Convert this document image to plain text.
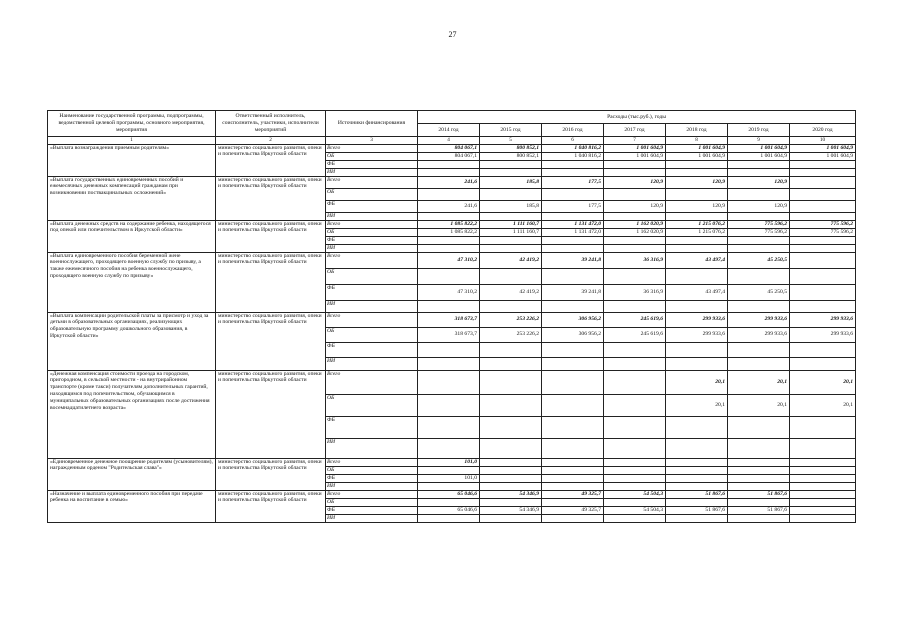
27
Наименование государственной программы, подпрограммы, ведомственной целевой программы, основного мероприятия, мероприятия	Ответственный исполнитель, соисполнитель, участники, исполнители мероприятий	Источники финансирования	Расходы (тыс.руб.), годы						
			2014 год	2015 год	2016 год	2017 год	2018 год	2019 год	2020 год
1	2	3	4	5	6	7	8	9	10
«Выплата вознаграждения приемным родителям»	министерство социального развития, опеки и попечительства Иркутской области	Всего	804 067,1	800 852,1	1 040 816,2	1 001 604,9	1 001 604,9	1 001 604,9	1 001 604,9
		ОБ	804 067,1	800 852,1	1 040 816,2	1 001 604,9	1 001 604,9	1 001 604,9	1 001 604,9
		ФБ							
		ИИ							
«Выплата государственных единовременных пособий и ежемесячных денежных компенсаций гражданам при возникновении поствакцинальных осложнений»	министерство социального развития, опеки и попечительства Иркутской области	Всего	241,6	185,8	177,5	120,9	120,9	120,9	
		ОБ							
		ФБ	241,6	185,8	177,5	120,9	120,9	120,9	
		ИИ							
«Выплата денежных средств на содержание ребенка, находящегося под опекой или попечительством в Иркутской области»	министерство социального развития, опеки и попечительства Иркутской области	Всего	1 085 822,2	1 111 160,7	1 131 472,0	1 162 020,9	1 215 076,2	775 596,2	775 596,2
		ОБ	1 085 822,2	1 111 160,7	1 131 472,0	1 162 020,9	1 215 076,2	775 596,2	775 596,2
		ФБ							
		ИИ							
«Выплата единовременного пособия беременной жене военнослужащего, проходящего военную службу по призыву, а также ежемесячного пособия на ребенка военнослужащего, проходящего военную службу по призыву»	министерство социального развития, опеки и попечительства Иркутской области	Всего	47 310,2	42 419,2	39 241,8	36 316,9	43 497,4	45 250,5	
		ОБ							
		ФБ	47 310,2	42 419,2	39 241,8	36 316,9	43 497,4	45 250,5	
		ИИ							
«Выплата компенсации родительской платы за присмотр и уход за детьми в образовательных организациях, реализующих образовательную программу дошкольного образования, в Иркутской области»	министерство социального развития, опеки и попечительства Иркутской области	Всего	318 673,7	253 226,2	306 956,2	245 619,6	299 933,6	299 933,6	299 933,6
		ОБ	318 673,7	253 226,2	306 956,2	245 619,6	299 933,6	299 933,6	299 933,6
		ФБ							
		ИИ							
«Денежная компенсация стоимости проезда на городском, пригородном, в сельской местности - на внутрирайонном транспорте (кроме такси) получателям дополнительных гарантий, находящимся под попечительством, обучающимся в муниципальных образовательных организациях после достижения восемнадцатилетнего возраста»	министерство социального развития, опеки и попечительства Иркутской области	Всего					20,1	20,1	20,1
		ОБ					20,1	20,1	20,1
		ФБ							
		ИИ							
«Единовременное денежное поощрение родителям (усыновителям), награжденным орденом "Родительская слава"»	министерство социального развития, опеки и попечительства Иркутской области	Всего	101,0						
		ОБ							
		ФБ	101,0						
		ИИ							
«Назначение и выплата единовременного пособия при передаче ребенка на воспитание в семью»	министерство социального развития, опеки и попечительства Иркутской области	Всего	65 046,6	54 346,9	49 325,7	54 504,3	51 867,6	51 867,6	
		ОБ							
		ФБ	65 046,6	54 346,9	49 325,7	54 504,3	51 867,6	51 867,6	
		ИИ							
